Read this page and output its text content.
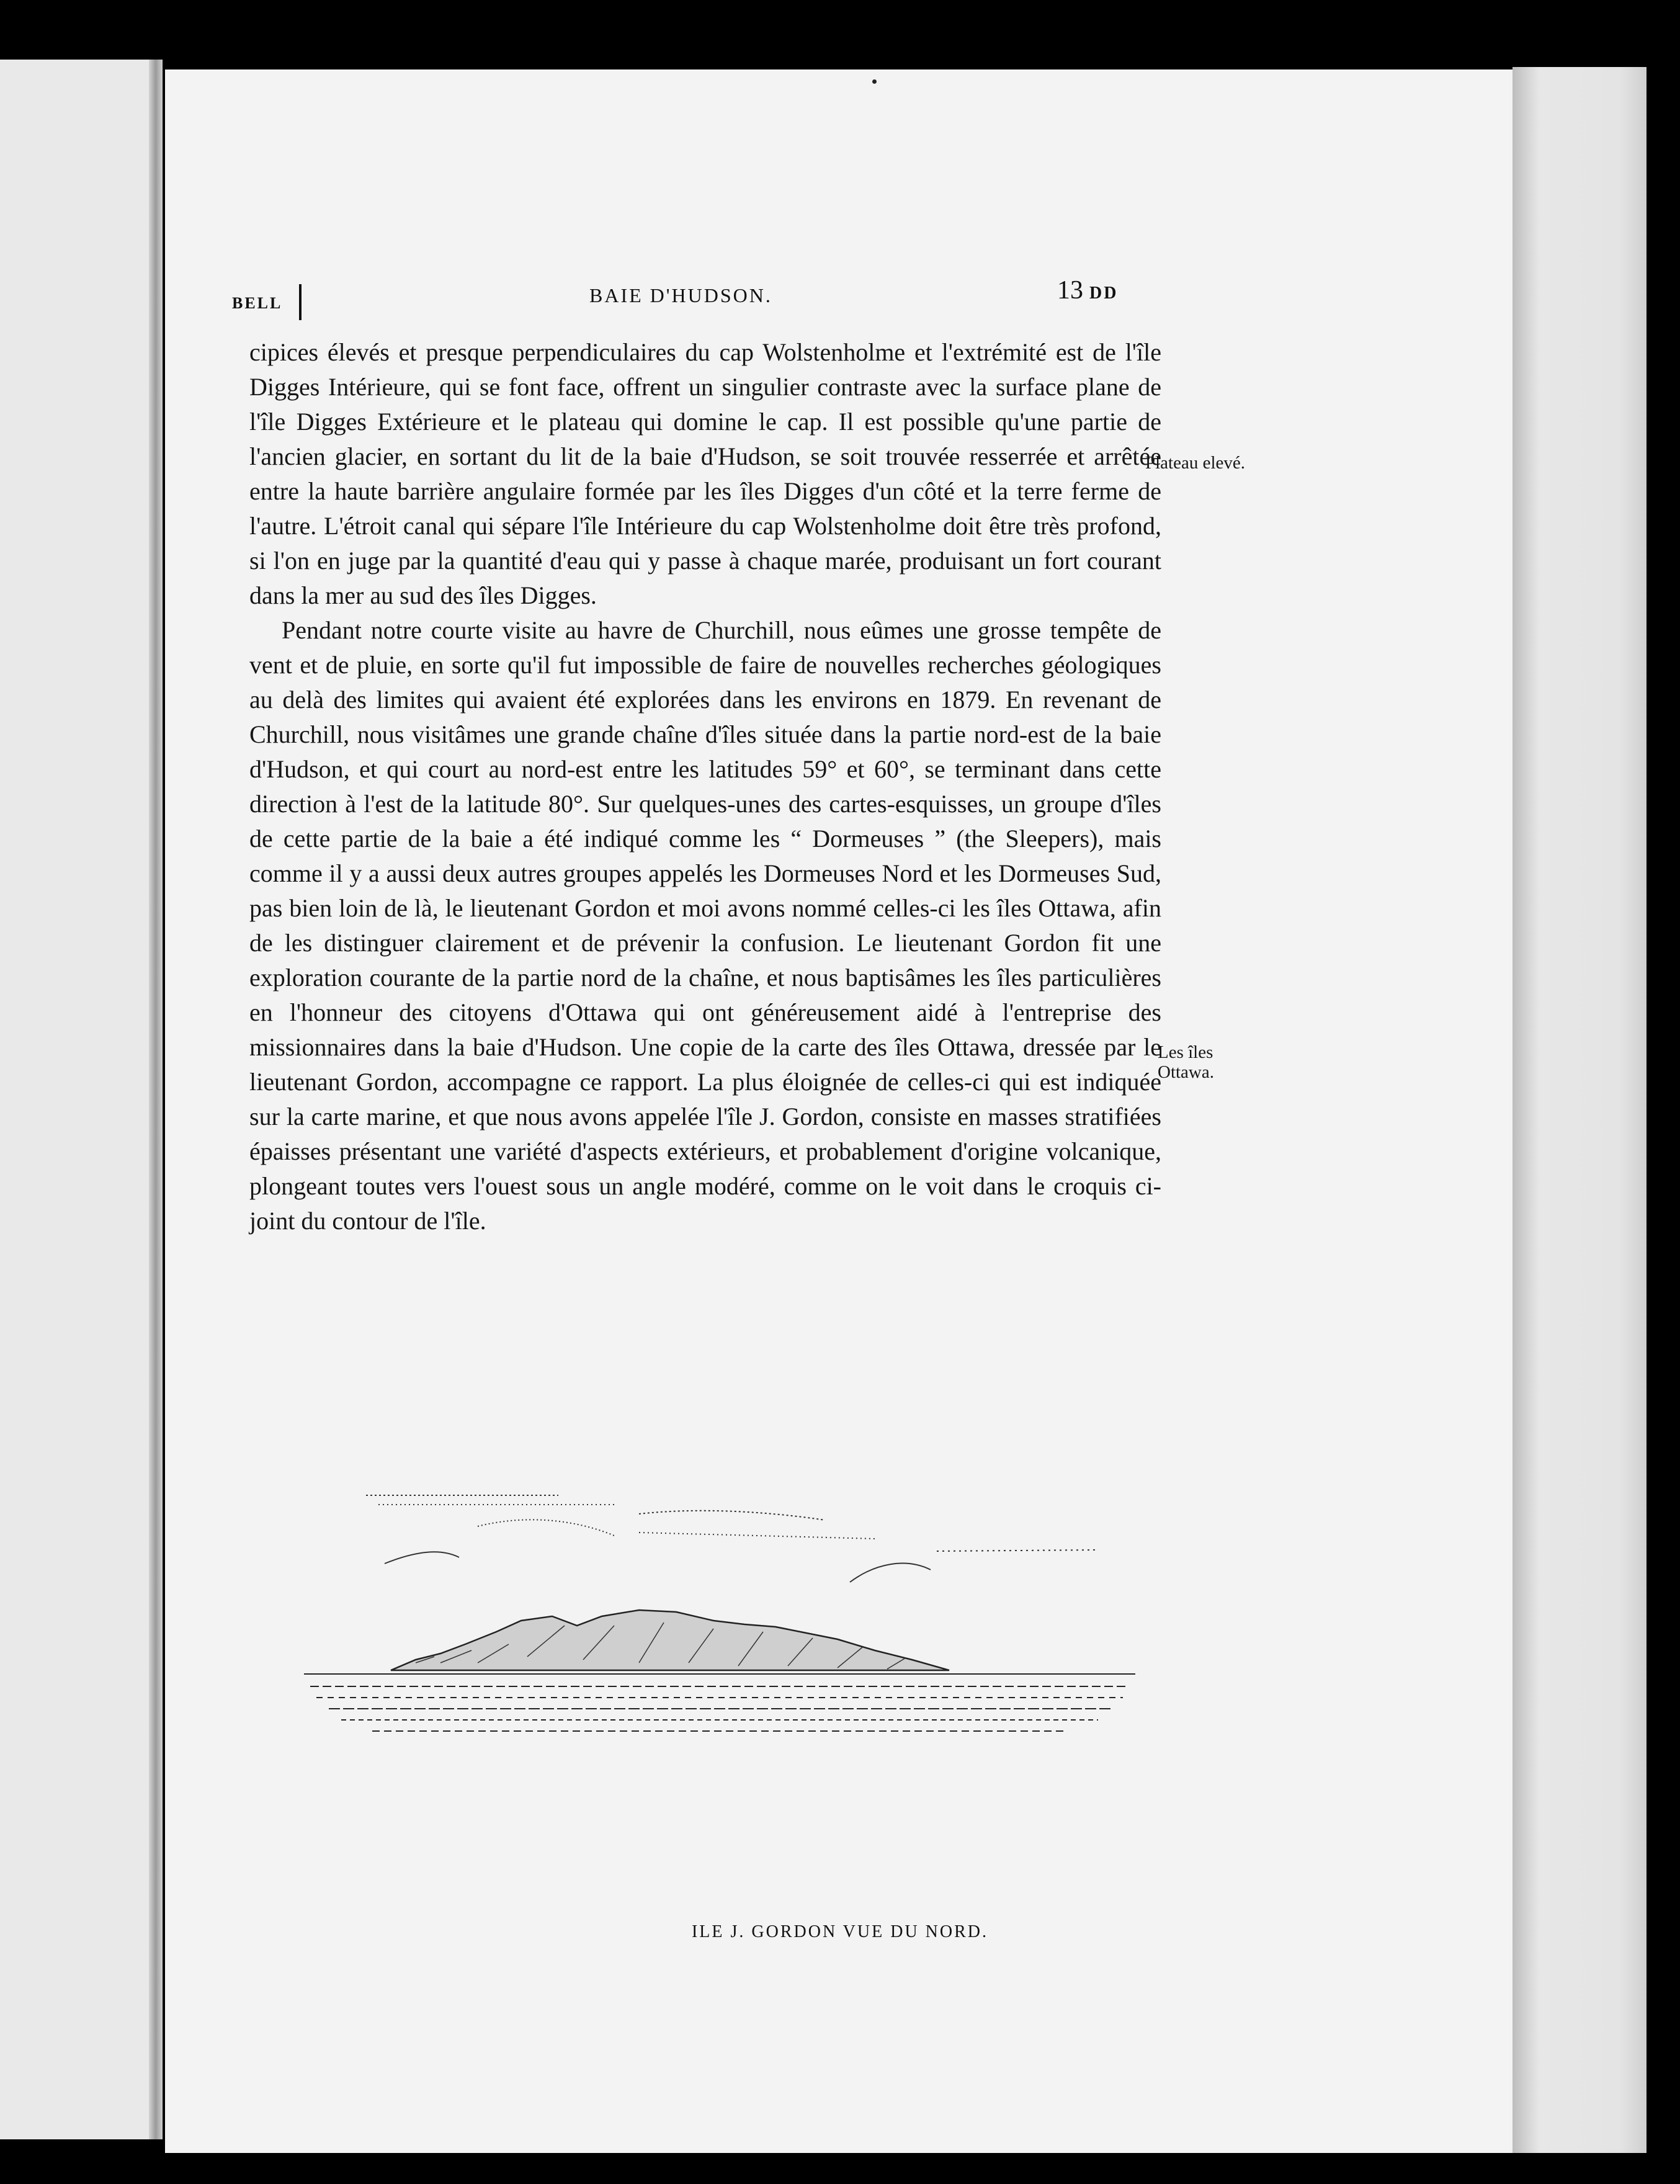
BELL	BAIE D'HUDSON.	13 DD

cipices élevés et presque perpendiculaires du cap Wolstenholme et l'extrémité est de l'île Digges Intérieure, qui se font face, offrent un singulier contraste avec la surface plane de l'île Digges Extérieure et le plateau qui domine le cap. Il est possible qu'une partie de l'ancien glacier, en sortant du lit de la baie d'Hudson, se soit trouvée resserrée et arrêtée entre la haute barrière angulaire formée par les îles Digges d'un côté et la terre ferme de l'autre. L'étroit canal qui sépare l'île Intérieure du cap Wolstenholme doit être très profond, si l'on en juge par la quantité d'eau qui y passe à chaque marée, produisant un fort courant dans la mer au sud des îles Digges.

Pendant notre courte visite au havre de Churchill, nous eûmes une grosse tempête de vent et de pluie, en sorte qu'il fut impossible de faire de nouvelles recherches géologiques au delà des limites qui avaient été explorées dans les environs en 1879. En revenant de Churchill, nous visitâmes une grande chaîne d'îles située dans la partie nord-est de la baie d'Hudson, et qui court au nord-est entre les latitudes 59° et 60°, se terminant dans cette direction à l'est de la latitude 80°. Sur quelques-unes des cartes-esquisses, un groupe d'îles de cette partie de la baie a été indiqué comme les “ Dormeuses ” (the Sleepers), mais comme il y a aussi deux autres groupes appelés les Dormeuses Nord et les Dormeuses Sud, pas bien loin de là, le lieutenant Gordon et moi avons nommé celles-ci les îles Ottawa, afin de les distinguer clairement et de prévenir la confusion. Le lieutenant Gordon fit une exploration courante de la partie nord de la chaîne, et nous baptisâmes les îles particulières en l'honneur des citoyens d'Ottawa qui ont généreusement aidé à l'entreprise des missionnaires dans la baie d'Hudson. Une copie de la carte des îles Ottawa, dressée par le lieutenant Gordon, accompagne ce rapport. La plus éloignée de celles-ci qui est indiquée sur la carte marine, et que nous avons appelée l'île J. Gordon, consiste en masses stratifiées épaisses présentant une variété d'aspects extérieurs, et probablement d'origine volcanique, plongeant toutes vers l'ouest sous un angle modéré, comme on le voit dans le croquis ci-joint du contour de l'île.

Plateau elevé.
Les îles
Ottawa.
ILE J. GORDON VUE DU NORD.
